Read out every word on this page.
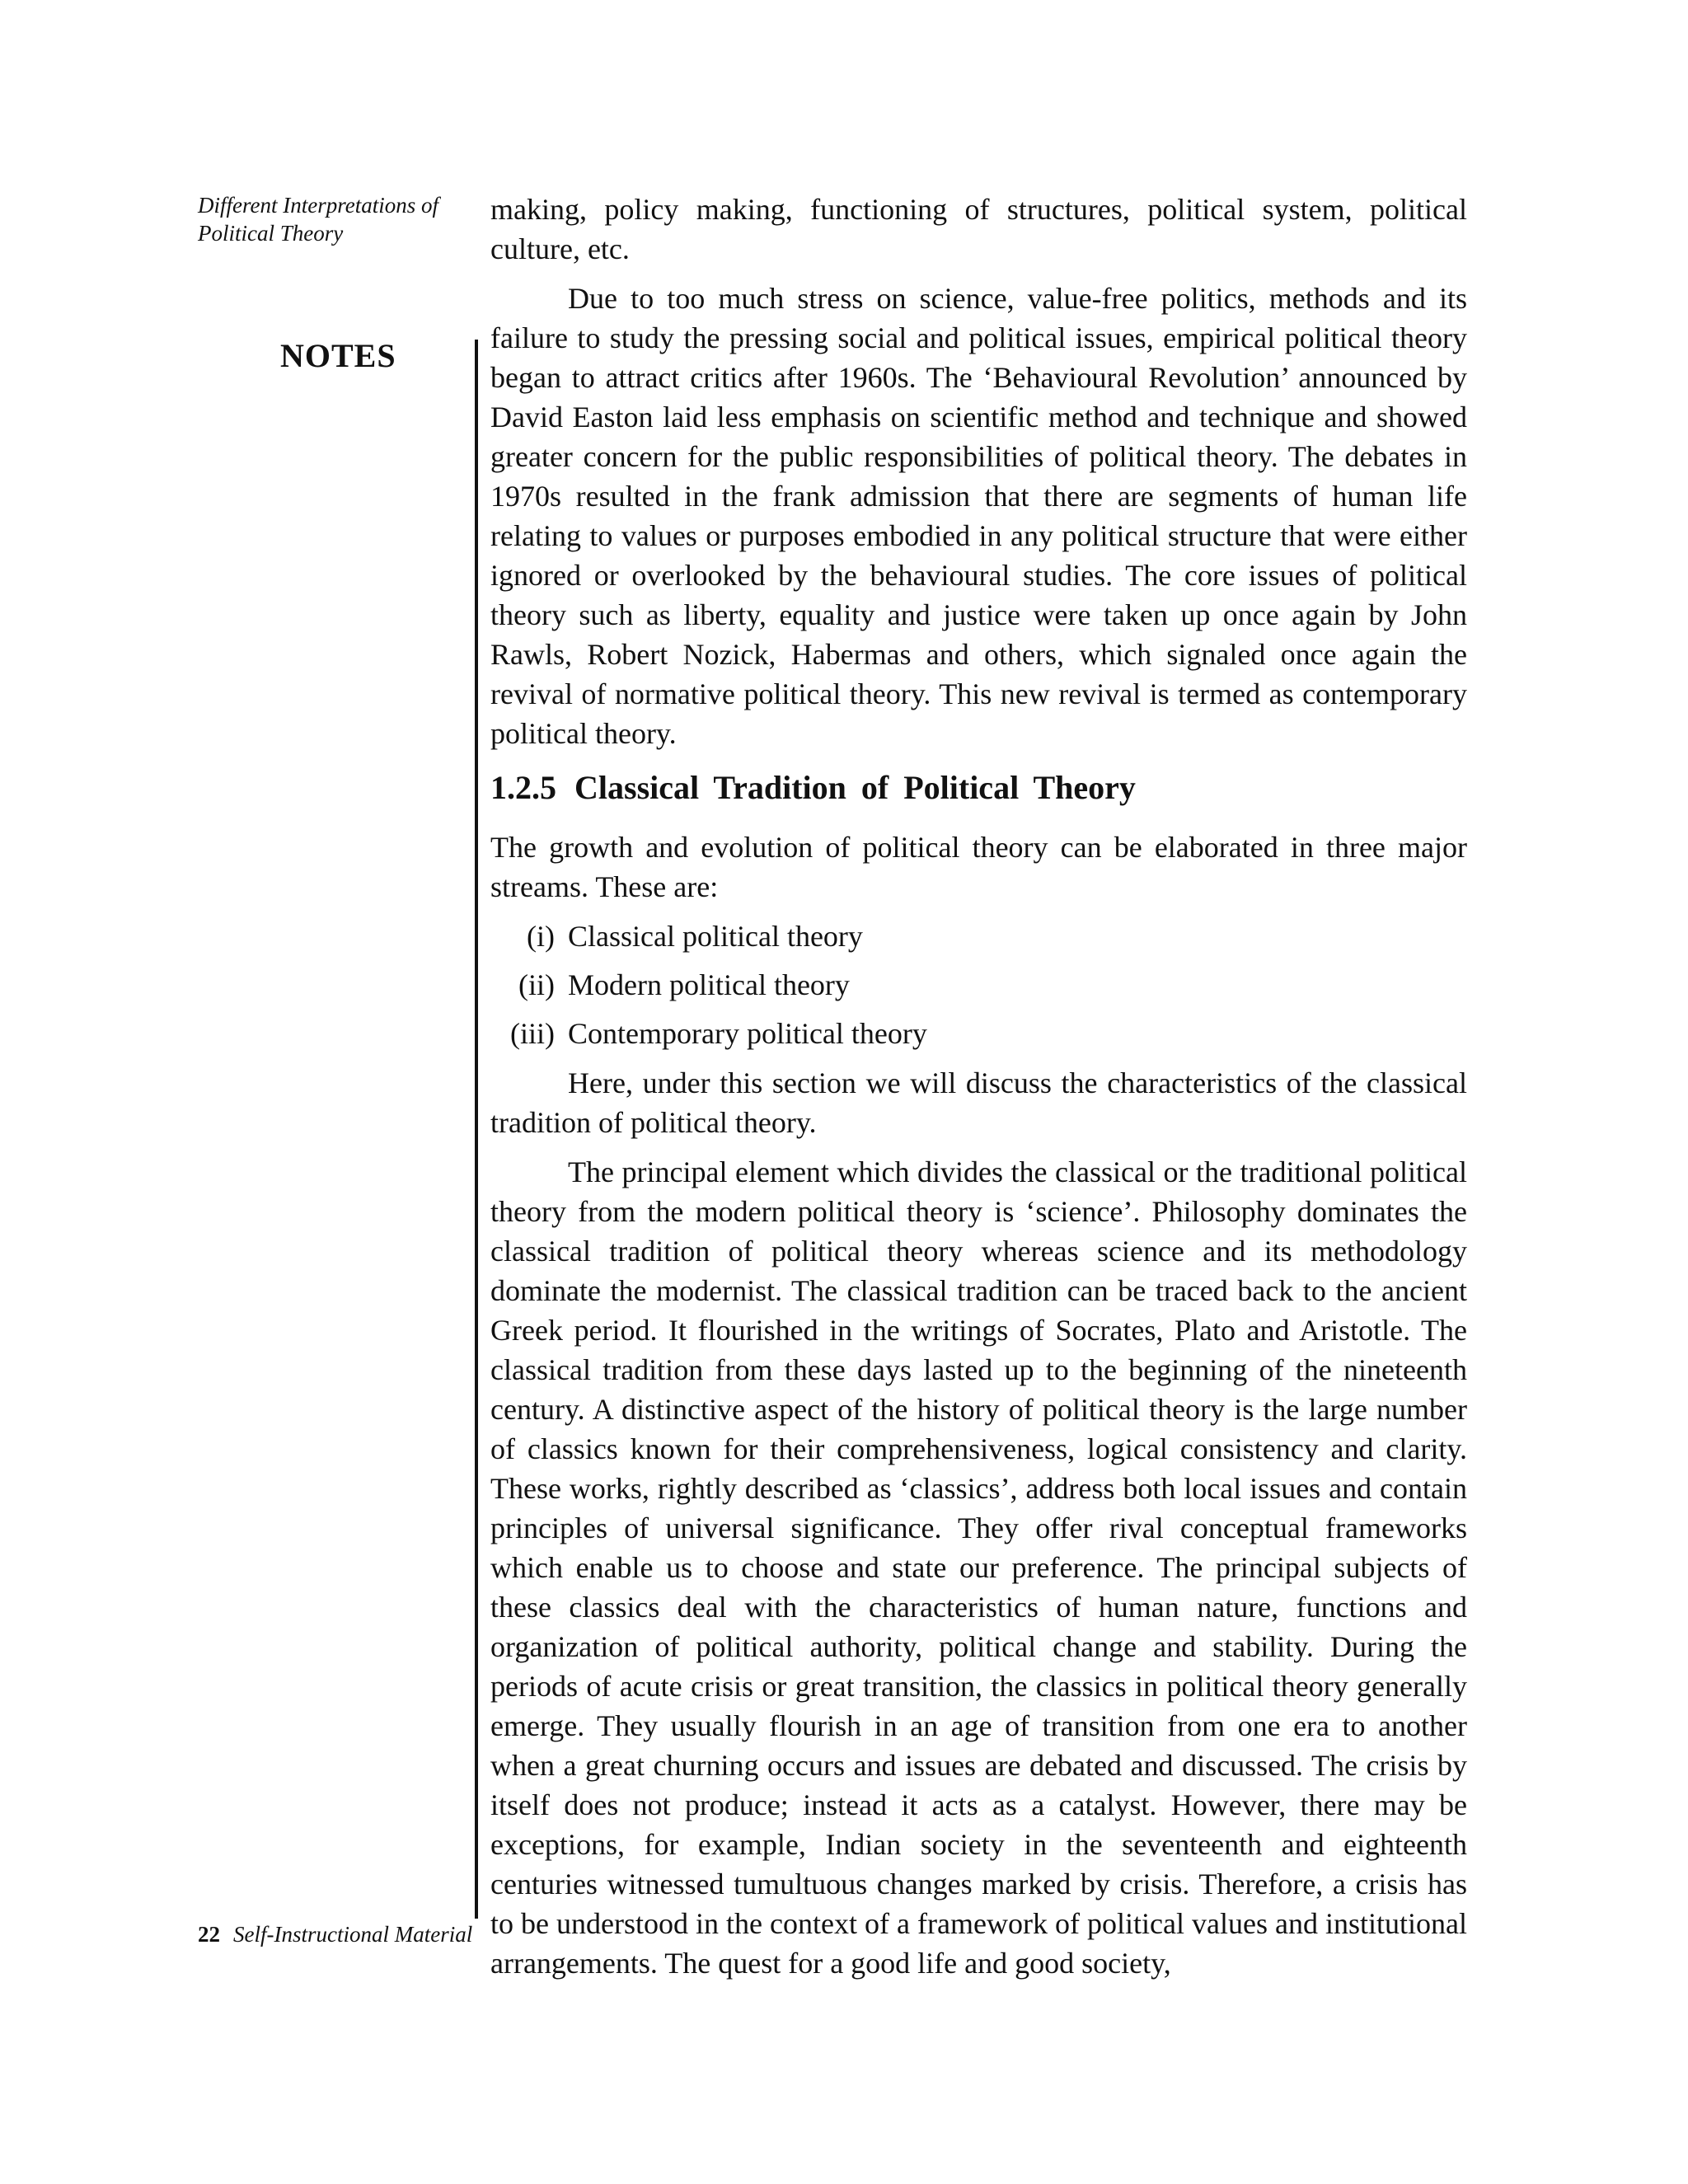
Different Interpretations of
Political Theory
NOTES

making, policy making, functioning of structures, political system, political culture, etc.

Due to too much stress on science, value-free politics, methods and its failure to study the pressing social and political issues, empirical political theory began to attract critics after 1960s. The ‘Behavioural Revolution’ announced by David Easton laid less emphasis on scientific method and technique and showed greater concern for the public responsibilities of political theory. The debates in 1970s resulted in the frank admission that there are segments of human life relating to values or purposes embodied in any political structure that were either ignored or overlooked by the behavioural studies. The core issues of political theory such as liberty, equality and justice were taken up once again by John Rawls, Robert Nozick, Habermas and others, which signaled once again the revival of normative political theory. This new revival is termed as contemporary political theory.

1.2.5 Classical Tradition of Political Theory

The growth and evolution of political theory can be elaborated in three major streams. These are:

(i) Classical political theory
(ii) Modern political theory
(iii) Contemporary political theory

Here, under this section we will discuss the characteristics of the classical tradition of political theory.

The principal element which divides the classical or the traditional political theory from the modern political theory is ‘science’. Philosophy dominates the classical tradition of political theory whereas science and its methodology dominate the modernist. The classical tradition can be traced back to the ancient Greek period. It flourished in the writings of Socrates, Plato and Aristotle. The classical tradition from these days lasted up to the beginning of the nineteenth century. A distinctive aspect of the history of political theory is the large number of classics known for their comprehensiveness, logical consistency and clarity. These works, rightly described as ‘classics’, address both local issues and contain principles of universal significance. They offer rival conceptual frameworks which enable us to choose and state our preference. The principal subjects of these classics deal with the characteristics of human nature, functions and organization of political authority, political change and stability. During the periods of acute crisis or great transition, the classics in political theory generally emerge. They usually flourish in an age of transition from one era to another when a great churning occurs and issues are debated and discussed. The crisis by itself does not produce; instead it acts as a catalyst. However, there may be exceptions, for example, Indian society in the seventeenth and eighteenth centuries witnessed tumultuous changes marked by crisis. Therefore, a crisis has to be understood in the context of a framework of political values and institutional arrangements. The quest for a good life and good society,

22 Self-Instructional Material
